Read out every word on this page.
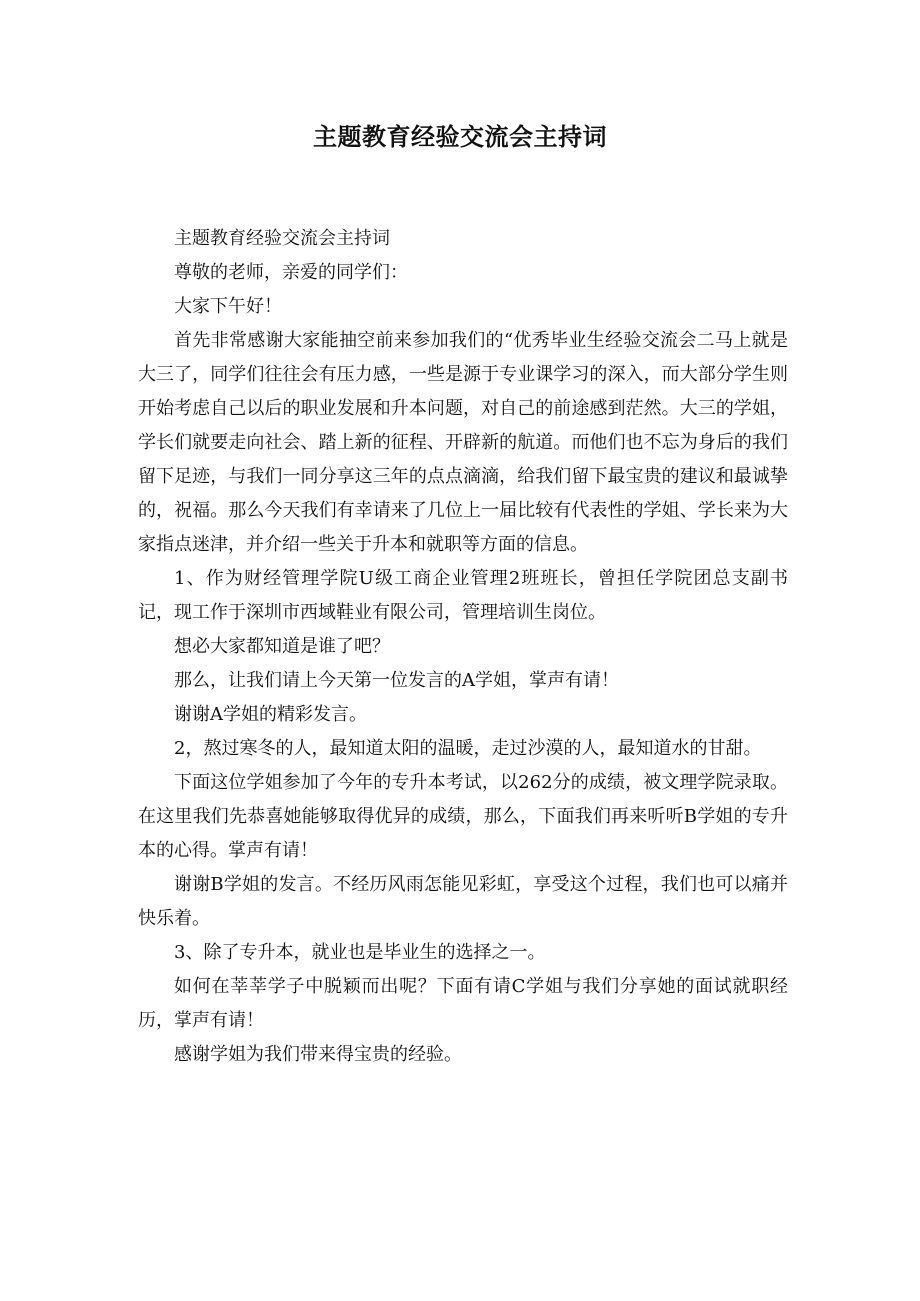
主题教育经验交流会主持词

主题教育经验交流会主持词

尊敬的老师，亲爱的同学们：

大家下午好！

首先非常感谢大家能抽空前来参加我们的“优秀毕业生经验交流会二马上就是大三了，同学们往往会有压力感，一些是源于专业课学习的深入，而大部分学生则开始考虑自己以后的职业发展和升本问题，对自己的前途感到茫然。大三的学姐，学长们就要走向社会、踏上新的征程、开辟新的航道。而他们也不忘为身后的我们留下足迹，与我们一同分享这三年的点点滴滴，给我们留下最宝贵的建议和最诚挚的，祝福。那么今天我们有幸请来了几位上一届比较有代表性的学姐、学长来为大家指点迷津，并介绍一些关于升本和就职等方面的信息。

1、作为财经管理学院U级工商企业管理2班班长，曾担任学院团总支副书记，现工作于深圳市西域鞋业有限公司，管理培训生岗位。

想必大家都知道是谁了吧？

那么，让我们请上今天第一位发言的A学姐，掌声有请！

谢谢A学姐的精彩发言。

2，熬过寒冬的人，最知道太阳的温暖，走过沙漠的人，最知道水的甘甜。

下面这位学姐参加了今年的专升本考试，以262分的成绩，被文理学院录取。在这里我们先恭喜她能够取得优异的成绩，那么，下面我们再来听听B学姐的专升本的心得。掌声有请！

谢谢B学姐的发言。不经历风雨怎能见彩虹，享受这个过程，我们也可以痛并快乐着。

3、除了专升本，就业也是毕业生的选择之一。

如何在莘莘学子中脱颖而出呢？下面有请C学姐与我们分享她的面试就职经历，掌声有请！

感谢学姐为我们带来得宝贵的经验。
